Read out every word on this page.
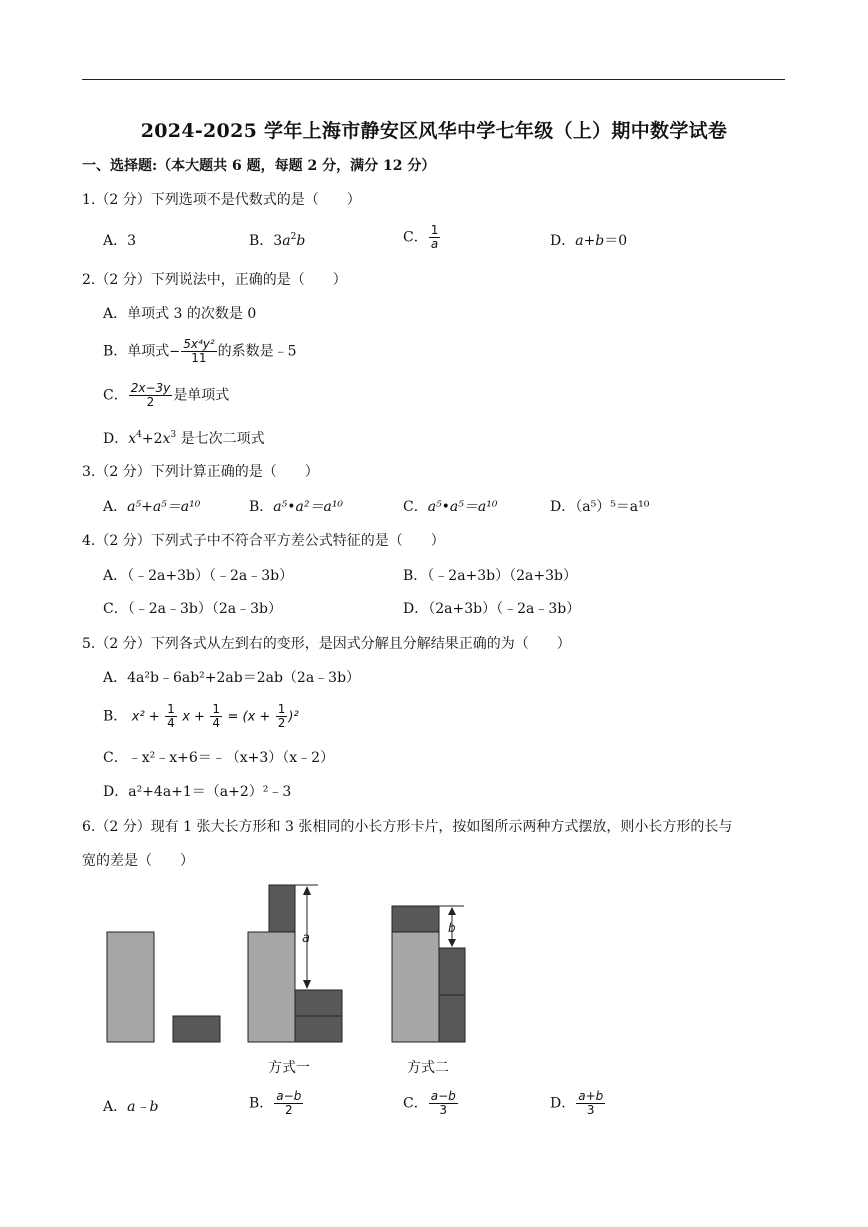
2024-2025 学年上海市静安区风华中学七年级（上）期中数学试卷
一、选择题:（本大题共 6 题，每题 2 分，满分 12 分）
1.（2 分）下列选项不是代数式的是（　　）
A．3	B．$3a^2b$	C． $\frac{1}{a}$	D．a+b＝0
2.（2 分）下列说法中，正确的是（　　）
A．单项式 3 的次数是 0
B．单项式− $\frac{\text{5x⁴y²}}{11}$ 的系数是﹣5
C． $\frac{2x-3y}{2}$ 是单项式
D．$x^4+2x^3$ 是七次二项式
3.（2 分）下列计算正确的是（　　）
A．a⁵+a⁵＝a¹⁰	B．a⁵•a²＝a¹⁰	C．a⁵•a⁵＝a¹⁰	D．（a⁵）⁵＝a¹⁰
4.（2 分）下列式子中不符合平方差公式特征的是（　　）
A．（﹣2a+3b）（﹣2a﹣3b）	B．（﹣2a+3b）（2a+3b）
C．（﹣2a﹣3b）（2a﹣3b）	D．（2a+3b）（﹣2a﹣3b）
5.（2 分）下列各式从左到右的变形，是因式分解且分解结果正确的为（　　）
A．4a²b﹣6ab²+2ab＝2ab（2a﹣3b）
B． $x^2 + \frac{1}{4}$ $x + \frac{1}{4} = (x + \frac{1}{2} )^2$
C．﹣x²﹣x+6＝﹣（x+3）（x﹣2）
D．a²+4a+1＝（a+2）²﹣3
6.（2 分）现有 1 张大长方形和 3 张相同的小长方形卡片，按如图所示两种方式摆放，则小长方形的长与
宽的差是（　　）
a
b
方式一	方式二
A．a﹣b	B． $\frac{a-b}{2}$	C． $\frac{a-b}{3}$	D． $\frac{a+b}{3}$
